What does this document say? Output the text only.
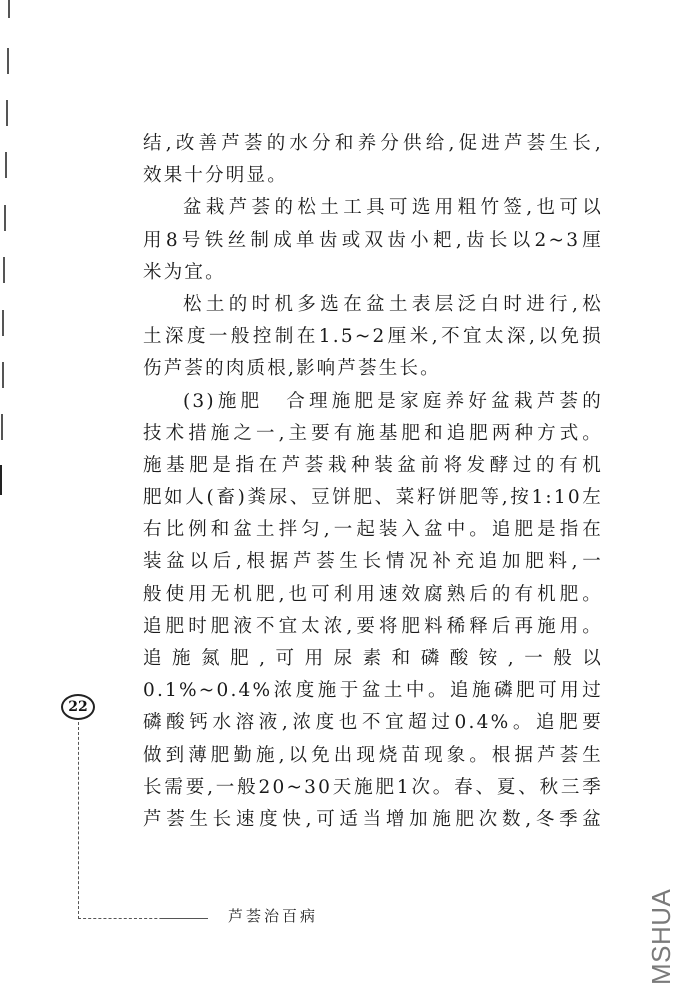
结,改善芦荟的水分和养分供给,促进芦荟生长,
效果十分明显。
盆栽芦荟的松土工具可选用粗竹签,也可以
用8号铁丝制成单齿或双齿小耙,齿长以2~3厘
米为宜。
松土的时机多选在盆土表层泛白时进行,松
土深度一般控制在1.5~2厘米,不宜太深,以免损
伤芦荟的肉质根,影响芦荟生长。
(3)施肥　合理施肥是家庭养好盆栽芦荟的
技术措施之一,主要有施基肥和追肥两种方式。
施基肥是指在芦荟栽种装盆前将发酵过的有机
肥如人(畜)粪尿、豆饼肥、菜籽饼肥等,按1:10左
右比例和盆土拌匀,一起装入盆中。追肥是指在
装盆以后,根据芦荟生长情况补充追加肥料,一
般使用无机肥,也可利用速效腐熟后的有机肥。
追肥时肥液不宜太浓,要将肥料稀释后再施用。
追施氮肥,可用尿素和磷酸铵,一般以
0.1%~0.4%浓度施于盆土中。追施磷肥可用过
磷酸钙水溶液,浓度也不宜超过0.4%。追肥要
做到薄肥勤施,以免出现烧苗现象。根据芦荟生
长需要,一般20~30天施肥1次。春、夏、秋三季
芦荟生长速度快,可适当增加施肥次数,冬季盆
22
芦荟治百病	MSHUA
